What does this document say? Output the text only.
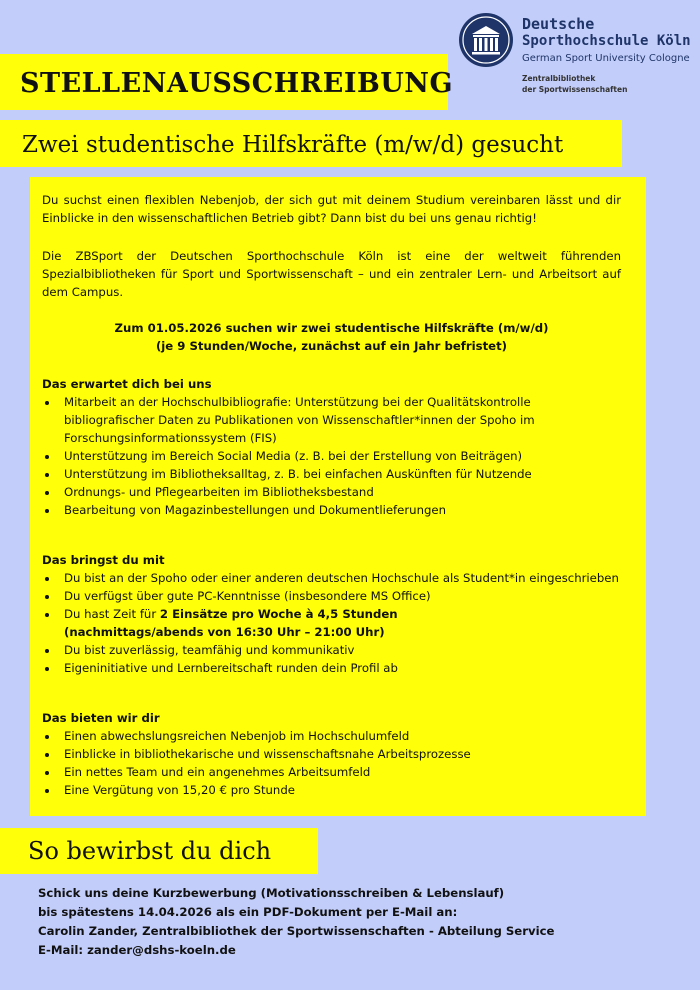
STELLENAUSSCHREIBUNG
Deutsche
Sporthochschule Köln
German Sport University Cologne
Zentralbibliothek
der Sportwissenschaften
Zwei studentische Hilfskräfte (m/w/d) gesucht

Du suchst einen flexiblen Nebenjob, der sich gut mit deinem Studium vereinbaren lässt und dir Einblicke in den wissenschaftlichen Betrieb gibt? Dann bist du bei uns genau richtig!

Die ZBSport der Deutschen Sporthochschule Köln ist eine der weltweit führenden Spezialbibliotheken für Sport und Sportwissenschaft – und ein zentraler Lern- und Arbeitsort auf dem Campus.

Zum 01.05.2026 suchen wir zwei studentische Hilfskräfte (m/w/d)
(je 9 Stunden/Woche, zunächst auf ein Jahr befristet)

Das erwartet dich bei uns
Mitarbeit an der Hochschulbibliografie: Unterstützung bei der Qualitätskontrolle bibliografischer Daten zu Publikationen von Wissenschaftler*innen der Spoho im Forschungsinformationssystem (FIS)
Unterstützung im Bereich Social Media (z. B. bei der Erstellung von Beiträgen)
Unterstützung im Bibliotheksalltag, z. B. bei einfachen Auskünften für Nutzende
Ordnungs- und Pflegearbeiten im Bibliotheksbestand
Bearbeitung von Magazinbestellungen und Dokumentlieferungen
Das bringst du mit
Du bist an der Spoho oder einer anderen deutschen Hochschule als Student*in eingeschrieben
Du verfügst über gute PC-Kenntnisse (insbesondere MS Office)
Du hast Zeit für 2 Einsätze pro Woche à 4,5 Stunden
(nachmittags/abends von 16:30 Uhr – 21:00 Uhr)
Du bist zuverlässig, teamfähig und kommunikativ
Eigeninitiative und Lernbereitschaft runden dein Profil ab
Das bieten wir dir
Einen abwechslungsreichen Nebenjob im Hochschulumfeld
Einblicke in bibliothekarische und wissenschaftsnahe Arbeitsprozesse
Ein nettes Team und ein angenehmes Arbeitsumfeld
Eine Vergütung von 15,20 € pro Stunde
So bewirbst du dich
Schick uns deine Kurzbewerbung (Motivationsschreiben & Lebenslauf)
bis spätestens 14.04.2026 als ein PDF-Dokument per E-Mail an:
Carolin Zander, Zentralbibliothek der Sportwissenschaften - Abteilung Service
E-Mail: zander@dshs-koeln.de
